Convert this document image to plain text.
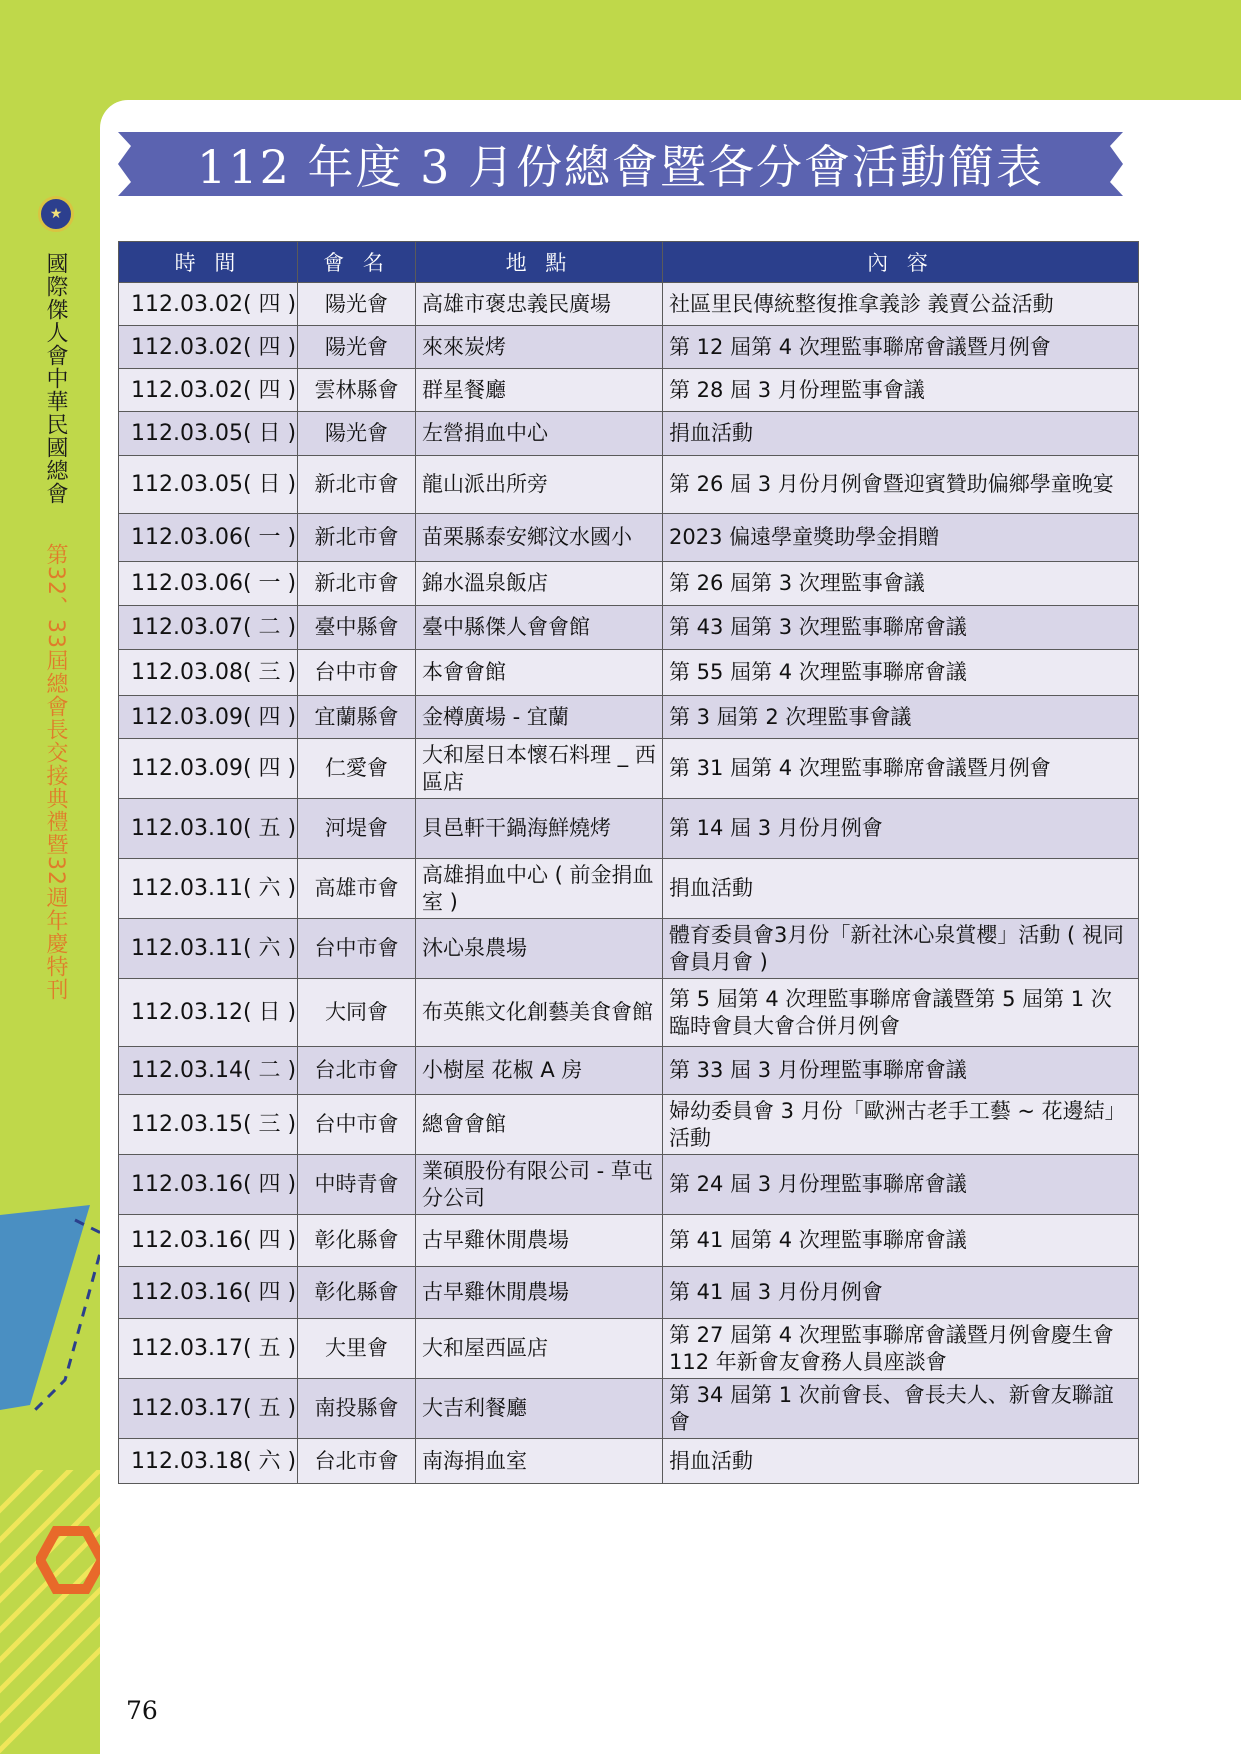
★
國際傑人會中華民國總會  第32、33屆總會長交接典禮暨32週年慶特刊
112 年度 3 月份總會暨各分會活動簡表
時 間	會 名	地 點	內 容
112.03.02( 四 )	陽光會	高雄市褒忠義民廣場	社區里民傳統整復推拿義診 義賣公益活動
112.03.02( 四 )	陽光會	來來炭烤	第 12 屆第 4 次理監事聯席會議暨月例會
112.03.02( 四 )	雲林縣會	群星餐廳	第 28 屆 3 月份理監事會議
112.03.05( 日 )	陽光會	左營捐血中心	捐血活動
112.03.05( 日 )	新北市會	龍山派出所旁	第 26 屆 3 月份月例會暨迎賓贊助偏鄉學童晚宴
112.03.06( 一 )	新北市會	苗栗縣泰安鄉汶水國小	2023 偏遠學童獎助學金捐贈
112.03.06( 一 )	新北市會	錦水溫泉飯店	第 26 屆第 3 次理監事會議
112.03.07( 二 )	臺中縣會	臺中縣傑人會會館	第 43 屆第 3 次理監事聯席會議
112.03.08( 三 )	台中市會	本會會館	第 55 屆第 4 次理監事聯席會議
112.03.09( 四 )	宜蘭縣會	金樽廣場 - 宜蘭	第 3 屆第 2 次理監事會議
112.03.09( 四 )	仁愛會	大和屋日本懷石料理 _ 西區店	第 31 屆第 4 次理監事聯席會議暨月例會
112.03.10( 五 )	河堤會	貝邑軒干鍋海鮮燒烤	第 14 屆 3 月份月例會
112.03.11( 六 )	高雄市會	高雄捐血中心 ( 前金捐血室 )	捐血活動
112.03.11( 六 )	台中市會	沐心泉農場	體育委員會3月份「新社沐心泉賞櫻」活動 ( 視同會員月會 )
112.03.12( 日 )	大同會	布英熊文化創藝美食會館	第 5 屆第 4 次理監事聯席會議暨第 5 屆第 1 次臨時會員大會合併月例會
112.03.14( 二 )	台北市會	小樹屋 花椒 A 房	第 33 屆 3 月份理監事聯席會議
112.03.15( 三 )	台中市會	總會會館	婦幼委員會 3 月份「歐洲古老手工藝 ~ 花邊結」活動
112.03.16( 四 )	中時青會	業碩股份有限公司 - 草屯分公司	第 24 屆 3 月份理監事聯席會議
112.03.16( 四 )	彰化縣會	古早雞休閒農場	第 41 屆第 4 次理監事聯席會議
112.03.16( 四 )	彰化縣會	古早雞休閒農場	第 41 屆 3 月份月例會
112.03.17( 五 )	大里會	大和屋西區店	第 27 屆第 4 次理監事聯席會議暨月例會慶生會 112 年新會友會務人員座談會
112.03.17( 五 )	南投縣會	大吉利餐廳	第 34 屆第 1 次前會長、會長夫人、新會友聯誼會
112.03.18( 六 )	台北市會	南海捐血室	捐血活動
76
